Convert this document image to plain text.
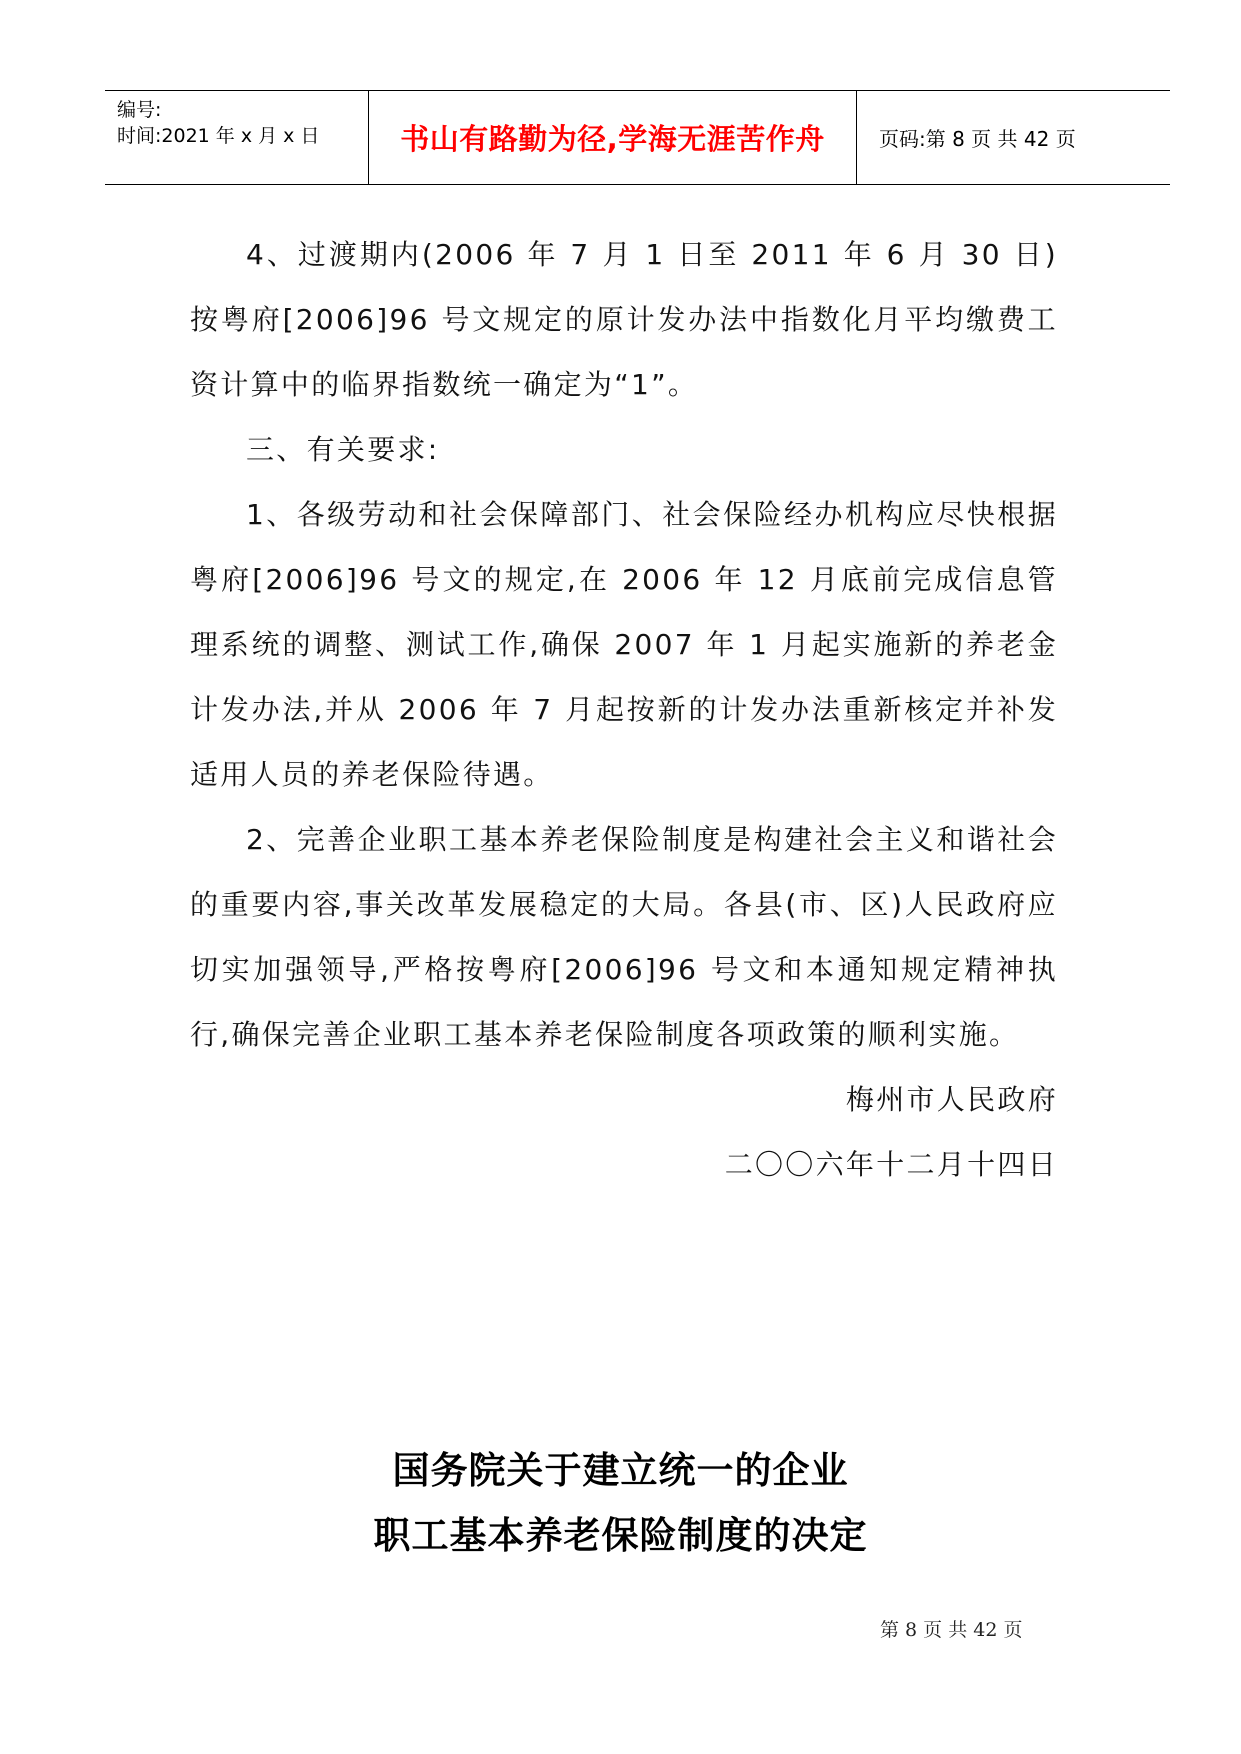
编号:
时间:2021 年 x 月 x 日	书山有路勤为径,学海无涯苦作舟	页码:第 8 页 共 42 页

4、过渡期内(2006 年 7 月 1 日至 2011 年 6 月 30 日)按粤府[2006]96 号文规定的原计发办法中指数化月平均缴费工资计算中的临界指数统一确定为“1”。

三、有关要求:

1、各级劳动和社会保障部门、社会保险经办机构应尽快根据粤府[2006]96 号文的规定,在 2006 年 12 月底前完成信息管理系统的调整、测试工作,确保 2007 年 1 月起实施新的养老金计发办法,并从 2006 年 7 月起按新的计发办法重新核定并补发适用人员的养老保险待遇。

2、完善企业职工基本养老保险制度是构建社会主义和谐社会的重要内容,事关改革发展稳定的大局。各县(市、区)人民政府应切实加强领导,严格按粤府[2006]96 号文和本通知规定精神执行,确保完善企业职工基本养老保险制度各项政策的顺利实施。

梅州市人民政府

二〇〇六年十二月十四日

国务院关于建立统一的企业
职工基本养老保险制度的决定
第 8 页 共 42 页
